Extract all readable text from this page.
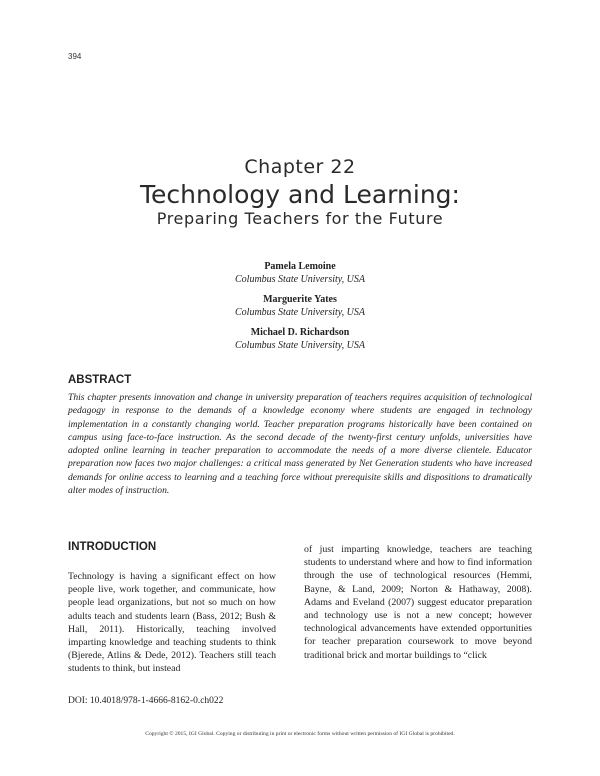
394
Chapter 22
Technology and Learning:
Preparing Teachers for the Future
Pamela Lemoine
Columbus State University, USA
Marguerite Yates
Columbus State University, USA
Michael D. Richardson
Columbus State University, USA
ABSTRACT

This chapter presents innovation and change in university preparation of teachers requires acquisition of technological pedagogy in response to the demands of a knowledge economy where students are engaged in technology implementation in a constantly changing world. Teacher preparation programs historically have been contained on campus using face-to-face instruction. As the second decade of the twenty-first century unfolds, universities have adopted online learning in teacher preparation to accommodate the needs of a more diverse clientele. Educator preparation now faces two major challenges: a critical mass generated by Net Generation students who have increased demands for online access to learning and a teaching force without prerequisite skills and dispositions to dramatically alter modes of instruction.

INTRODUCTION

Technology is having a significant effect on how people live, work together, and communicate, how people lead organizations, but not so much on how adults teach and students learn (Bass, 2012; Bush & Hall, 2011). Historically, teaching involved imparting knowledge and teaching students to think (Bjerede, Atlins & Dede, 2012). Teachers still teach students to think, but instead

of just imparting knowledge, teachers are teaching students to understand where and how to find information through the use of technological resources (Hemmi, Bayne, & Land, 2009; Norton & Hathaway, 2008). Adams and Eveland (2007) suggest educator preparation and technology use is not a new concept; however technological advancements have extended opportunities for teacher preparation coursework to move beyond traditional brick and mortar buildings to “click

DOI: 10.4018/978-1-4666-8162-0.ch022
Copyright © 2015, IGI Global. Copying or distributing in print or electronic forms without written permission of IGI Global is prohibited.
